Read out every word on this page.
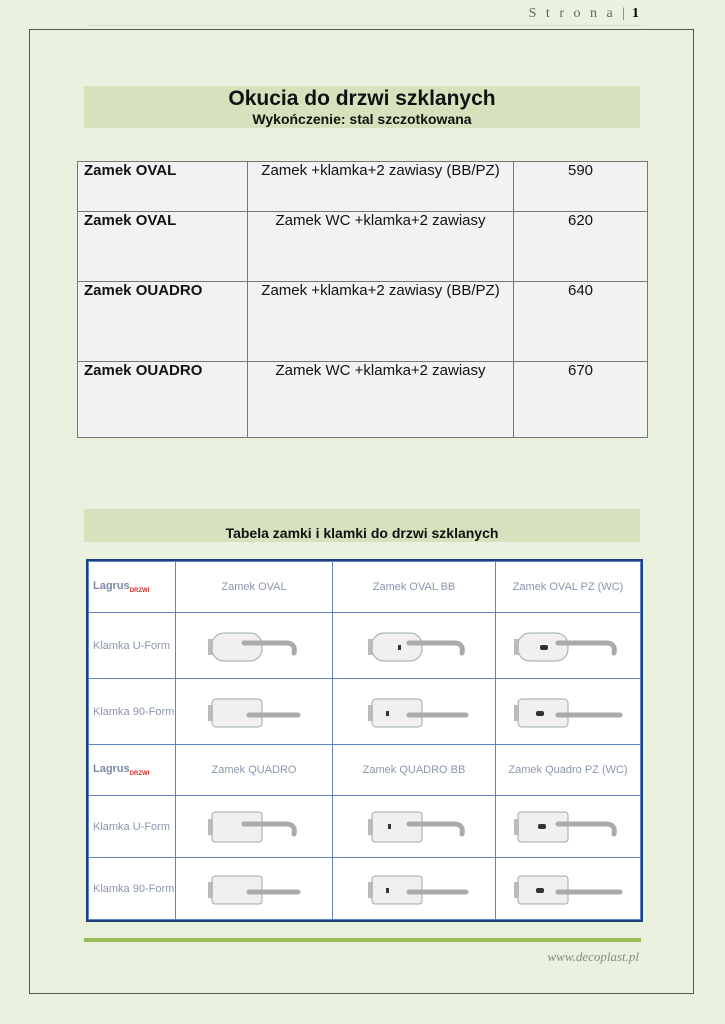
S t r o n a | 1
Okucia do drzwi szklanych
Wykończenie: stal szczotkowana
Zamek OVAL	Zamek +klamka+2 zawiasy (BB/PZ)	590
Zamek OVAL	Zamek WC +klamka+2 zawiasy	620
Zamek OUADRO	Zamek +klamka+2 zawiasy (BB/PZ)	640
Zamek OUADRO	Zamek WC +klamka+2 zawiasy	670
Tabela zamki i klamki do drzwi szklanych
Lagrus$_{DRZWI}$	Zamek OVAL	Zamek OVAL BB	Zamek OVAL PZ (WC)
Klamka U-Form	

Klamka 90-Form	

Lagrus$_{DRZWI}$	Zamek QUADRO	Zamek QUADRO BB	Zamek Quadro PZ (WC)
Klamka U-Form	

Klamka 90-Form	

www.decoplast.pl
